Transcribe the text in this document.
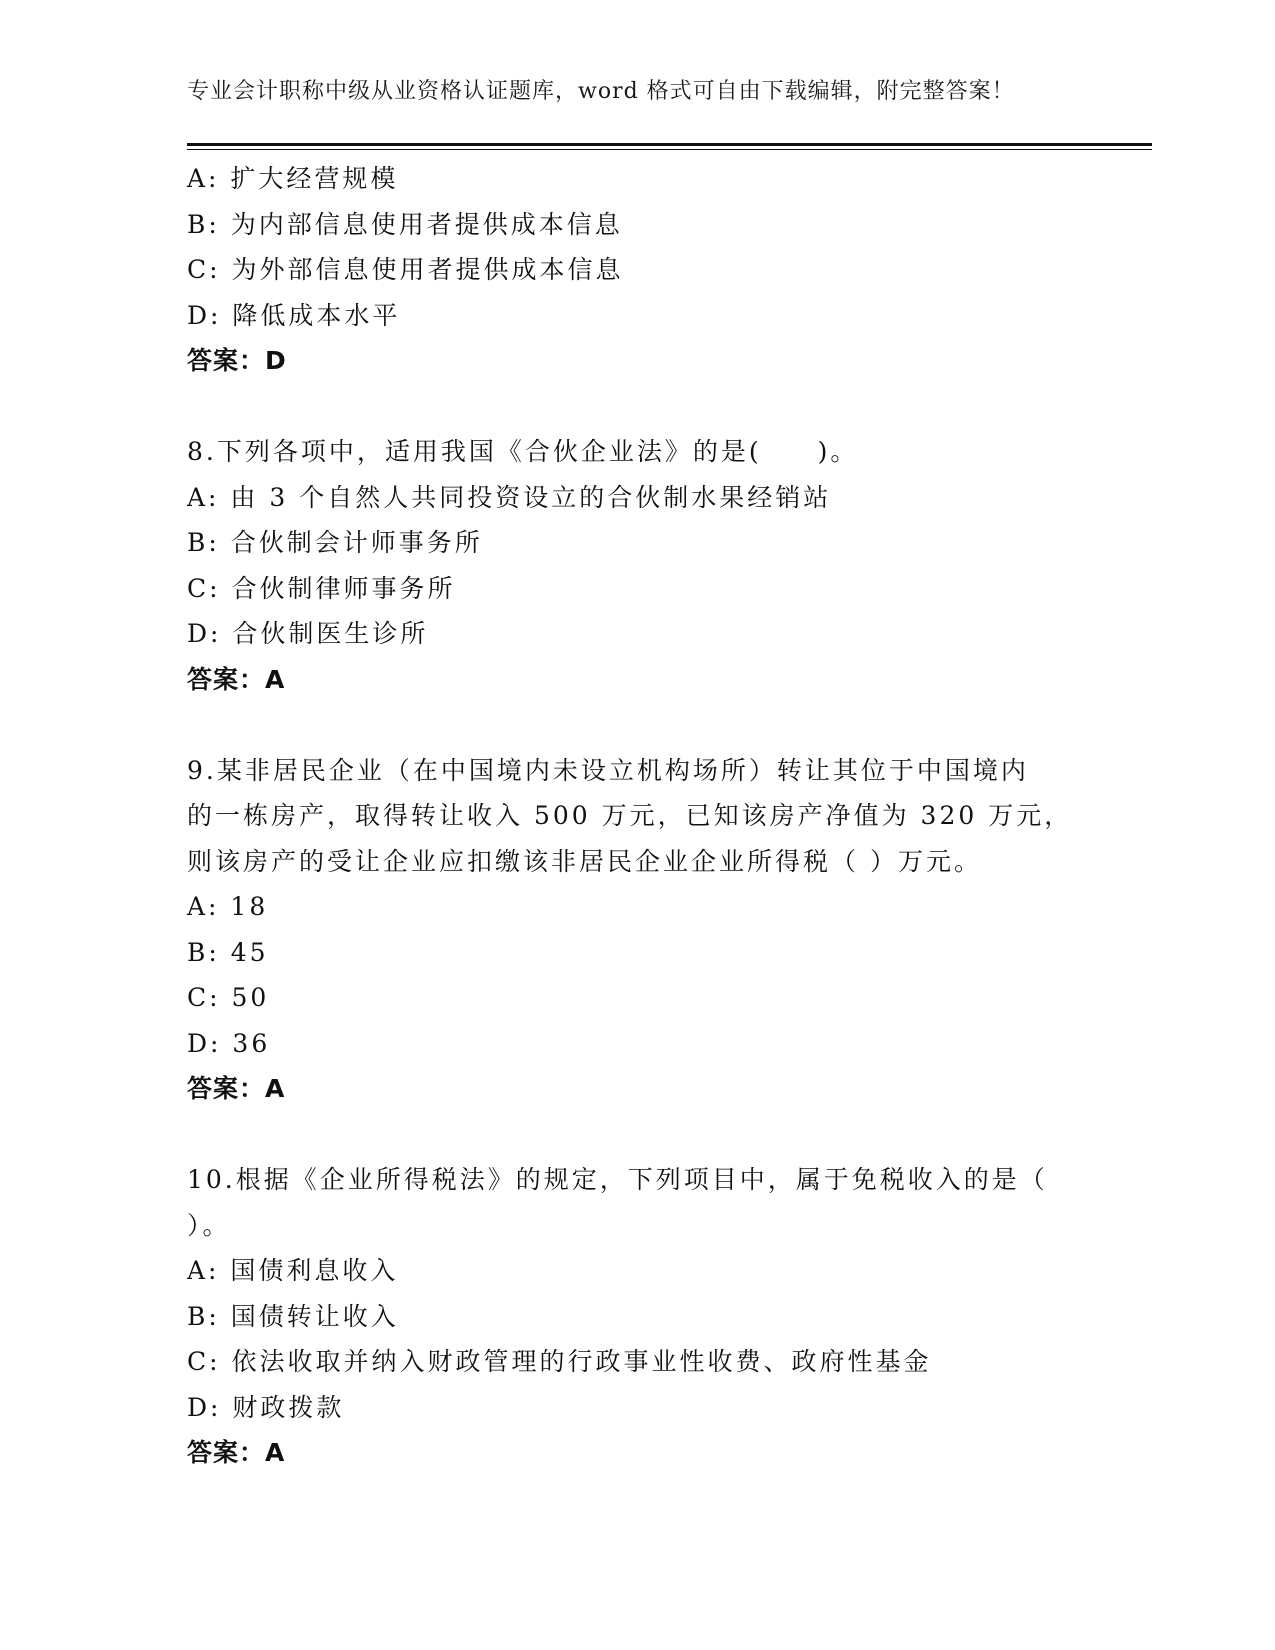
专业会计职称中级从业资格认证题库，word 格式可自由下载编辑，附完整答案！
A: 扩大经营规模
B: 为内部信息使用者提供成本信息
C: 为外部信息使用者提供成本信息
D: 降低成本水平
答案：D
8.下列各项中，适用我国《合伙企业法》的是(　　)。
A: 由 3 个自然人共同投资设立的合伙制水果经销站
B: 合伙制会计师事务所
C: 合伙制律师事务所
D: 合伙制医生诊所
答案：A
9.某非居民企业（在中国境内未设立机构场所）转让其位于中国境内
的一栋房产，取得转让收入 500 万元，已知该房产净值为 320 万元，
则该房产的受让企业应扣缴该非居民企业企业所得税（ ）万元。
A: 18
B: 45
C: 50
D: 36
答案：A
10.根据《企业所得税法》的规定，下列项目中，属于免税收入的是（
）。
A: 国债利息收入
B: 国债转让收入
C: 依法收取并纳入财政管理的行政事业性收费、政府性基金
D: 财政拨款
答案：A
